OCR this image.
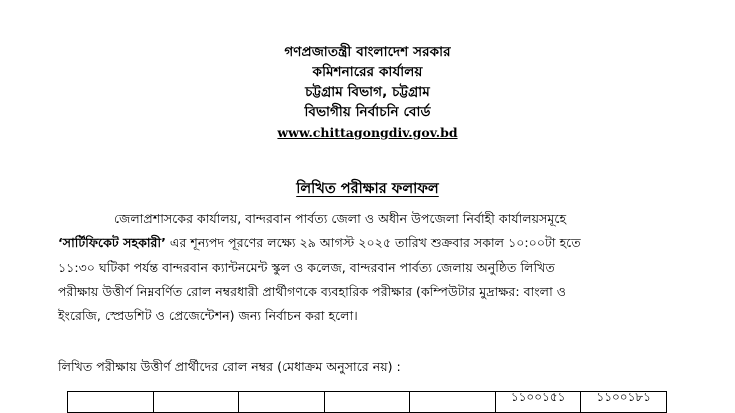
গণপ্রজাতন্ত্রী বাংলাদেশ সরকার
কমিশনারের কার্যালয়
চট্টগ্রাম বিভাগ, চট্টগ্রাম
বিভাগীয় নির্বাচনি বোর্ড
www.chittagongdiv.gov.bd
লিখিত পরীক্ষার ফলাফল
জেলাপ্রশাসকের কার্যালয়, বান্দরবান পার্বত্য জেলা ও অধীন উপজেলা নির্বাহী কার্যালয়সমূহে
‘সার্টিফিকেট সহকারী’ এর শূন্যপদ পূরণের লক্ষ্যে ২৯ আগস্ট ২০২৫ তারিখ শুক্রবার সকাল ১০:০০টা হতে
১১:৩০ ঘটিকা পর্যন্ত বান্দরবান ক্যান্টনমেন্ট স্কুল ও কলেজ, বান্দরবান পার্বত্য জেলায় অনুষ্ঠিত লিখিত
পরীক্ষায় উত্তীর্ণ নিম্নবর্ণিত রোল নম্বরধারী প্রার্থীগণকে ব্যবহারিক পরীক্ষার (কম্পিউটার মুদ্রাক্ষর: বাংলা ও
ইংরেজি, স্প্রেডশিট ও প্রেজেন্টেশন) জন্য নির্বাচন করা হলো।
লিখিত পরীক্ষায় উত্তীর্ণ প্রার্থীদের রোল নম্বর (মেধাক্রম অনুসারে নয়) :
					১১০০১৫১	১১০০১৮১
